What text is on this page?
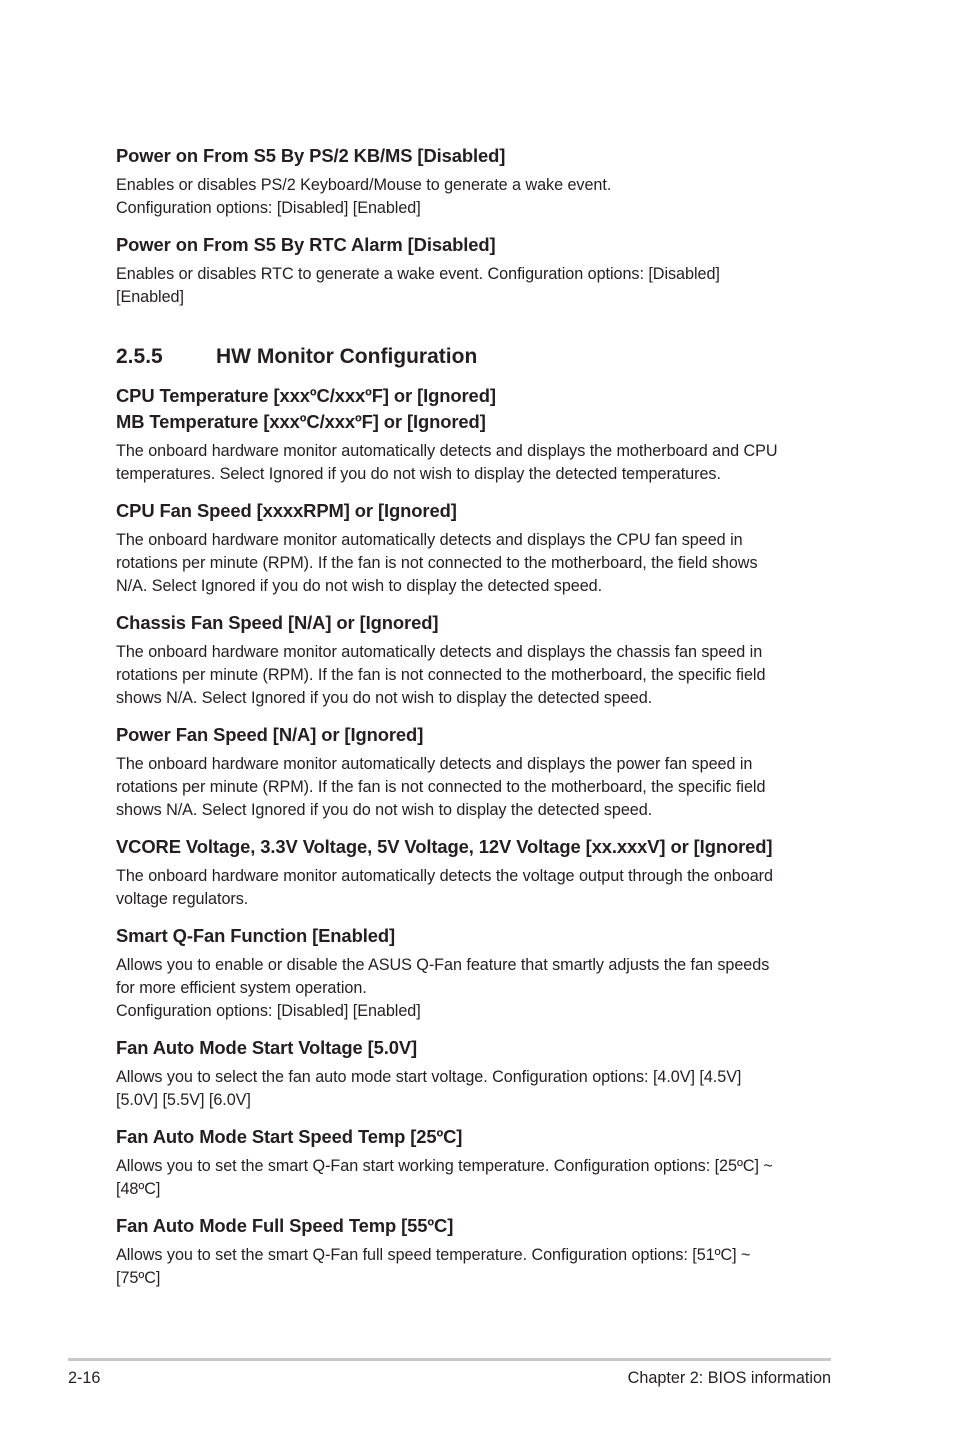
Power on From S5 By PS/2 KB/MS [Disabled]

Enables or disables PS/2 Keyboard/Mouse to generate a wake event.

Configuration options: [Disabled] [Enabled]

Power on From S5 By RTC Alarm [Disabled]

Enables or disables RTC to generate a wake event. Configuration options: [Disabled]

[Enabled]

2.5.5	HW Monitor Configuration

CPU Temperature [xxxºC/xxxºF] or [Ignored]

MB Temperature [xxxºC/xxxºF] or [Ignored]

The onboard hardware monitor automatically detects and displays the motherboard and CPU

temperatures. Select Ignored if you do not wish to display the detected temperatures.

CPU Fan Speed [xxxxRPM] or [Ignored]

The onboard hardware monitor automatically detects and displays the CPU fan speed in

rotations per minute (RPM). If the fan is not connected to the motherboard, the field shows

N/A. Select Ignored if you do not wish to display the detected speed.

Chassis Fan Speed [N/A] or [Ignored]

The onboard hardware monitor automatically detects and displays the chassis fan speed in

rotations per minute (RPM). If the fan is not connected to the motherboard, the specific field

shows N/A. Select Ignored if you do not wish to display the detected speed.

Power Fan Speed [N/A] or [Ignored]

The onboard hardware monitor automatically detects and displays the power fan speed in

rotations per minute (RPM). If the fan is not connected to the motherboard, the specific field

shows N/A. Select Ignored if you do not wish to display the detected speed.

VCORE Voltage, 3.3V Voltage, 5V Voltage, 12V Voltage [xx.xxxV] or [Ignored]

The onboard hardware monitor automatically detects the voltage output through the onboard

voltage regulators.

Smart Q-Fan Function [Enabled]

Allows you to enable or disable the ASUS Q-Fan feature that smartly adjusts the fan speeds

for more efficient system operation.

Configuration options: [Disabled] [Enabled]

Fan Auto Mode Start Voltage [5.0V]

Allows you to select the fan auto mode start voltage. Configuration options: [4.0V] [4.5V]

[5.0V] [5.5V] [6.0V]

Fan Auto Mode Start Speed Temp [25ºC]

Allows you to set the smart Q-Fan start working temperature. Configuration options: [25ºC] ~

[48ºC]

Fan Auto Mode Full Speed Temp [55ºC]

Allows you to set the smart Q-Fan full speed temperature. Configuration options: [51ºC] ~

[75ºC]

2-16	Chapter 2: BIOS information
